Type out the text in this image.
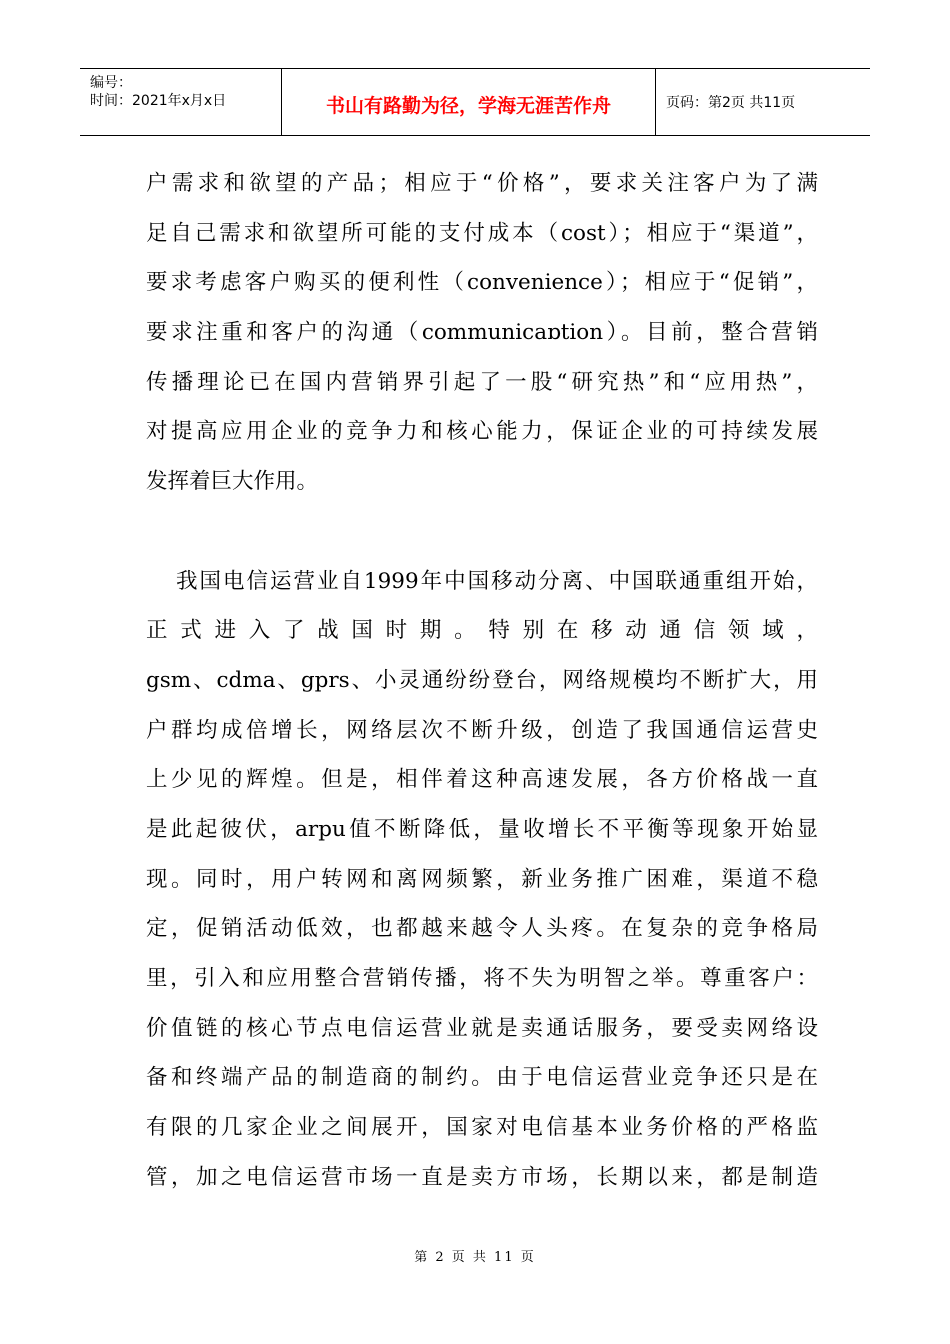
编号：
时间：2021年x月x日	书山有路勤为径，学海无涯苦作舟	页码：第2页 共11页
户需求和欲望的产品；相应于“价格”，要求关注客户为了满
足自己需求和欲望所可能的支付成本（cost）；相应于“渠道”，
要求考虑客户购买的便利性（convenience）；相应于“促销”，
要求注重和客户的沟通（communicaɒtion）。目前，整合营销
传播理论已在国内营销界引起了一股“研究热”和“应用热”，
对提高应用企业的竞争力和核心能力，保证企业的可持续发展
发挥着巨大作用。
我国电信运营业自1999年中国移动分离、中国联通重组开始，
正式进入了战国时期。特别在移动通信领域，
gsm、cdma、gprs、小灵通纷纷登台，网络规模均不断扩大，用
户群均成倍增长，网络层次不断升级，创造了我国通信运营史
上少见的辉煌。但是，相伴着这种高速发展，各方价格战一直
是此起彼伏，arpu值不断降低，量收增长不平衡等现象开始显
现。同时，用户转网和离网频繁，新业务推广困难，渠道不稳
定，促销活动低效，也都越来越令人头疼。在复杂的竞争格局
里，引入和应用整合营销传播，将不失为明智之举。尊重客户：
价值链的核心节点电信运营业就是卖通话服务，要受卖网络设
备和终端产品的制造商的制约。由于电信运营业竞争还只是在
有限的几家企业之间展开，国家对电信基本业务价格的严格监
管，加之电信运营市场一直是卖方市场，长期以来，都是制造
第 2 页 共 11 页
